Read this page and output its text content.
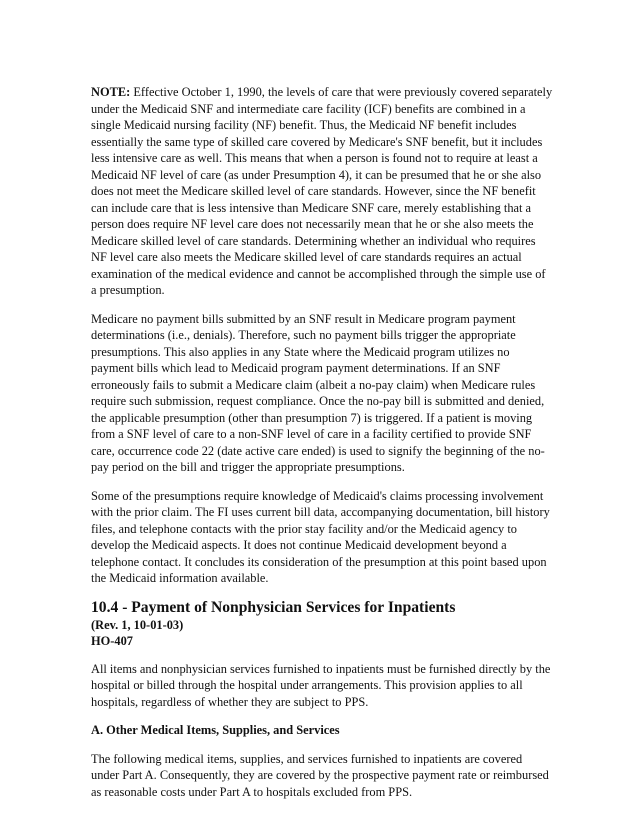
NOTE: Effective October 1, 1990, the levels of care that were previously covered separately under the Medicaid SNF and intermediate care facility (ICF) benefits are combined in a single Medicaid nursing facility (NF) benefit. Thus, the Medicaid NF benefit includes essentially the same type of skilled care covered by Medicare's SNF benefit, but it includes less intensive care as well. This means that when a person is found not to require at least a Medicaid NF level of care (as under Presumption 4), it can be presumed that he or she also does not meet the Medicare skilled level of care standards. However, since the NF benefit can include care that is less intensive than Medicare SNF care, merely establishing that a person does require NF level care does not necessarily mean that he or she also meets the Medicare skilled level of care standards. Determining whether an individual who requires NF level care also meets the Medicare skilled level of care standards requires an actual examination of the medical evidence and cannot be accomplished through the simple use of a presumption.

Medicare no payment bills submitted by an SNF result in Medicare program payment determinations (i.e., denials). Therefore, such no payment bills trigger the appropriate presumptions. This also applies in any State where the Medicaid program utilizes no payment bills which lead to Medicaid program payment determinations. If an SNF erroneously fails to submit a Medicare claim (albeit a no-pay claim) when Medicare rules require such submission, request compliance. Once the no-pay bill is submitted and denied, the applicable presumption (other than presumption 7) is triggered. If a patient is moving from a SNF level of care to a non-SNF level of care in a facility certified to provide SNF care, occurrence code 22 (date active care ended) is used to signify the beginning of the no-pay period on the bill and trigger the appropriate presumptions.

Some of the presumptions require knowledge of Medicaid's claims processing involvement with the prior claim. The FI uses current bill data, accompanying documentation, bill history files, and telephone contacts with the prior stay facility and/or the Medicaid agency to develop the Medicaid aspects. It does not continue Medicaid development beyond a telephone contact. It concludes its consideration of the presumption at this point based upon the Medicaid information available.

10.4 - Payment of Nonphysician Services for Inpatients
(Rev. 1, 10-01-03)
HO-407

All items and nonphysician services furnished to inpatients must be furnished directly by the hospital or billed through the hospital under arrangements. This provision applies to all hospitals, regardless of whether they are subject to PPS.

A. Other Medical Items, Supplies, and Services

The following medical items, supplies, and services furnished to inpatients are covered under Part A. Consequently, they are covered by the prospective payment rate or reimbursed as reasonable costs under Part A to hospitals excluded from PPS.
